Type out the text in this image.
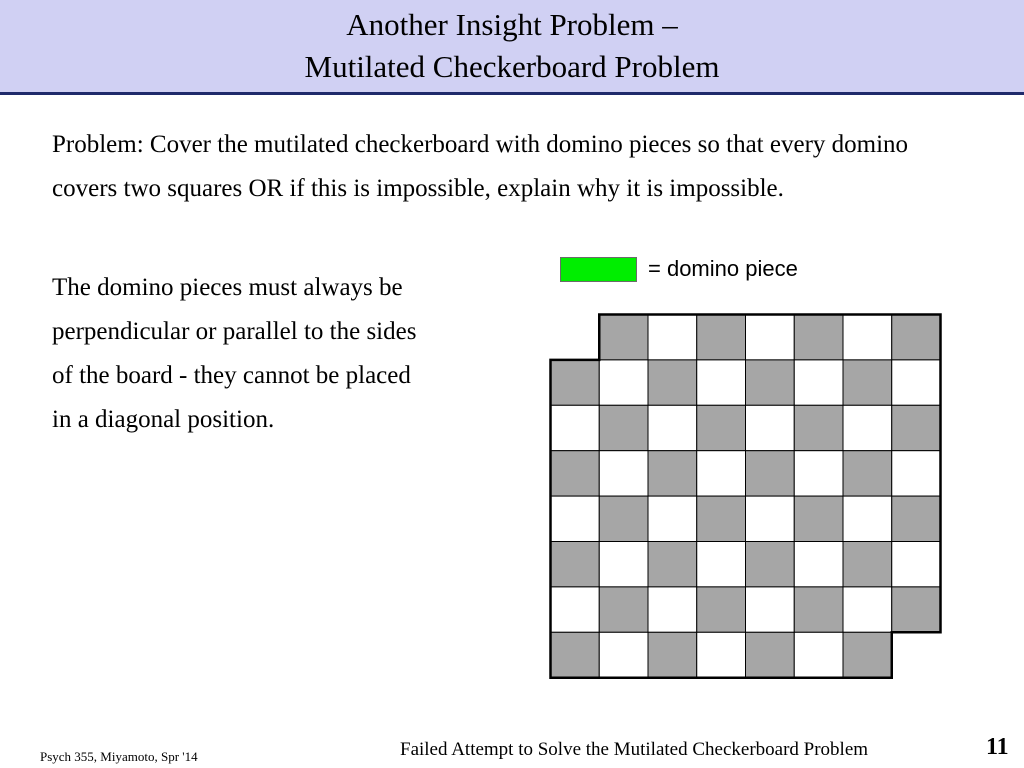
Another Insight Problem –
Mutilated Checkerboard Problem
Problem: Cover the mutilated checkerboard with domino pieces so that every domino covers two squares OR if this is impossible, explain why it is impossible.
The domino pieces must always be perpendicular or parallel to the sides of the board - they cannot be placed in a diagonal position.
= domino piece
Psych 355, Miyamoto, Spr '14	Failed Attempt to Solve the Mutilated Checkerboard Problem	11
